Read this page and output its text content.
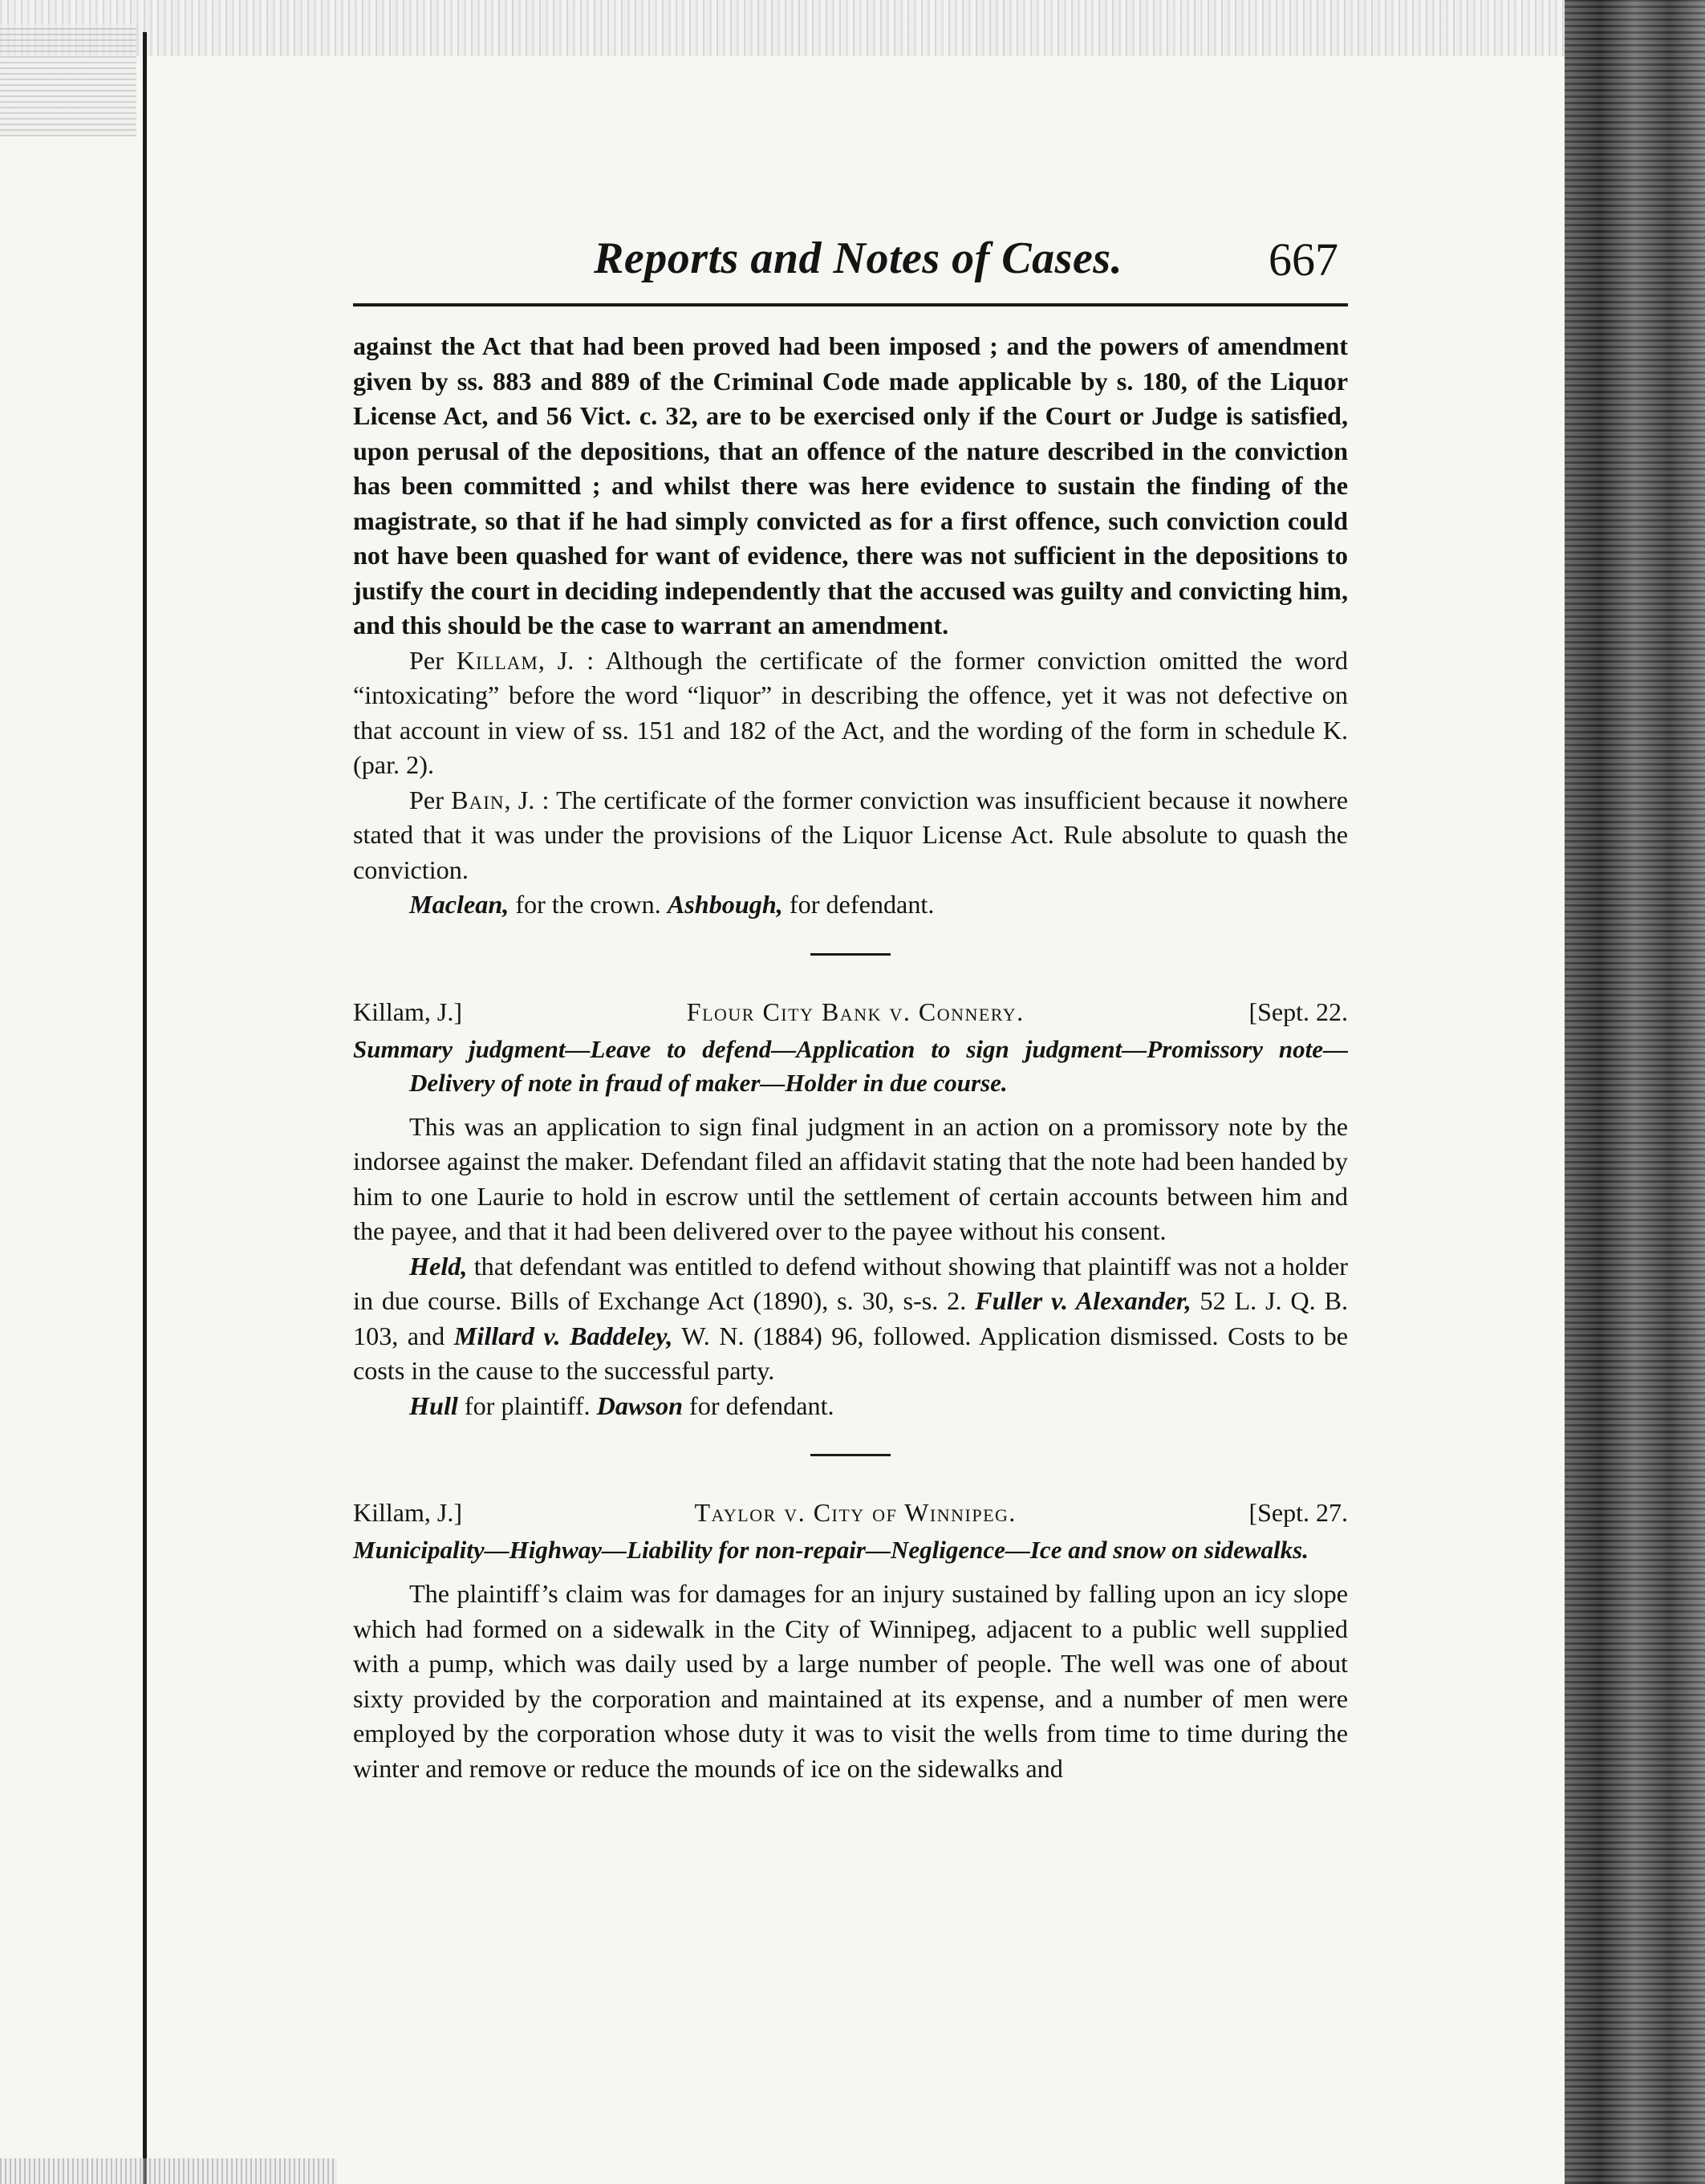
Reports and Notes of Cases.	667

against the Act that had been proved had been imposed ; and the powers of amendment given by ss. 883 and 889 of the Criminal Code made applicable by s. 180, of the Liquor License Act, and 56 Vict. c. 32, are to be exercised only if the Court or Judge is satisfied, upon perusal of the depositions, that an offence of the nature described in the conviction has been committed ; and whilst there was here evidence to sustain the finding of the magistrate, so that if he had simply convicted as for a first offence, such conviction could not have been quashed for want of evidence, there was not sufficient in the depositions to justify the court in deciding independently that the accused was guilty and convicting him, and this should be the case to warrant an amendment.

Per Killam, J. : Although the certificate of the former conviction omitted the word “intoxicating” before the word “liquor” in describing the offence, yet it was not defective on that account in view of ss. 151 and 182 of the Act, and the wording of the form in schedule K. (par. 2).

Per Bain, J. : The certificate of the former conviction was insufficient because it nowhere stated that it was under the provisions of the Liquor License Act. Rule absolute to quash the conviction.

Maclean, for the crown. Ashbough, for defendant.

Killam, J.]	Flour City Bank v. Connery.	[Sept. 22.

Summary judgment—Leave to defend—Application to sign judgment—Promissory note—Delivery of note in fraud of maker—Holder in due course.

This was an application to sign final judgment in an action on a promissory note by the indorsee against the maker. Defendant filed an affidavit stating that the note had been handed by him to one Laurie to hold in escrow until the settlement of certain accounts between him and the payee, and that it had been delivered over to the payee without his consent.

Held, that defendant was entitled to defend without showing that plaintiff was not a holder in due course. Bills of Exchange Act (1890), s. 30, s-s. 2. Fuller v. Alexander, 52 L. J. Q. B. 103, and Millard v. Baddeley, W. N. (1884) 96, followed. Application dismissed. Costs to be costs in the cause to the successful party.

Hull for plaintiff. Dawson for defendant.

Killam, J.]	Taylor v. City of Winnipeg.	[Sept. 27.

Municipality—Highway—Liability for non-repair—Negligence—Ice and snow on sidewalks.

The plaintiff’s claim was for damages for an injury sustained by falling upon an icy slope which had formed on a sidewalk in the City of Winnipeg, adjacent to a public well supplied with a pump, which was daily used by a large number of people. The well was one of about sixty provided by the corporation and maintained at its expense, and a number of men were employed by the corporation whose duty it was to visit the wells from time to time during the winter and remove or reduce the mounds of ice on the sidewalks and
